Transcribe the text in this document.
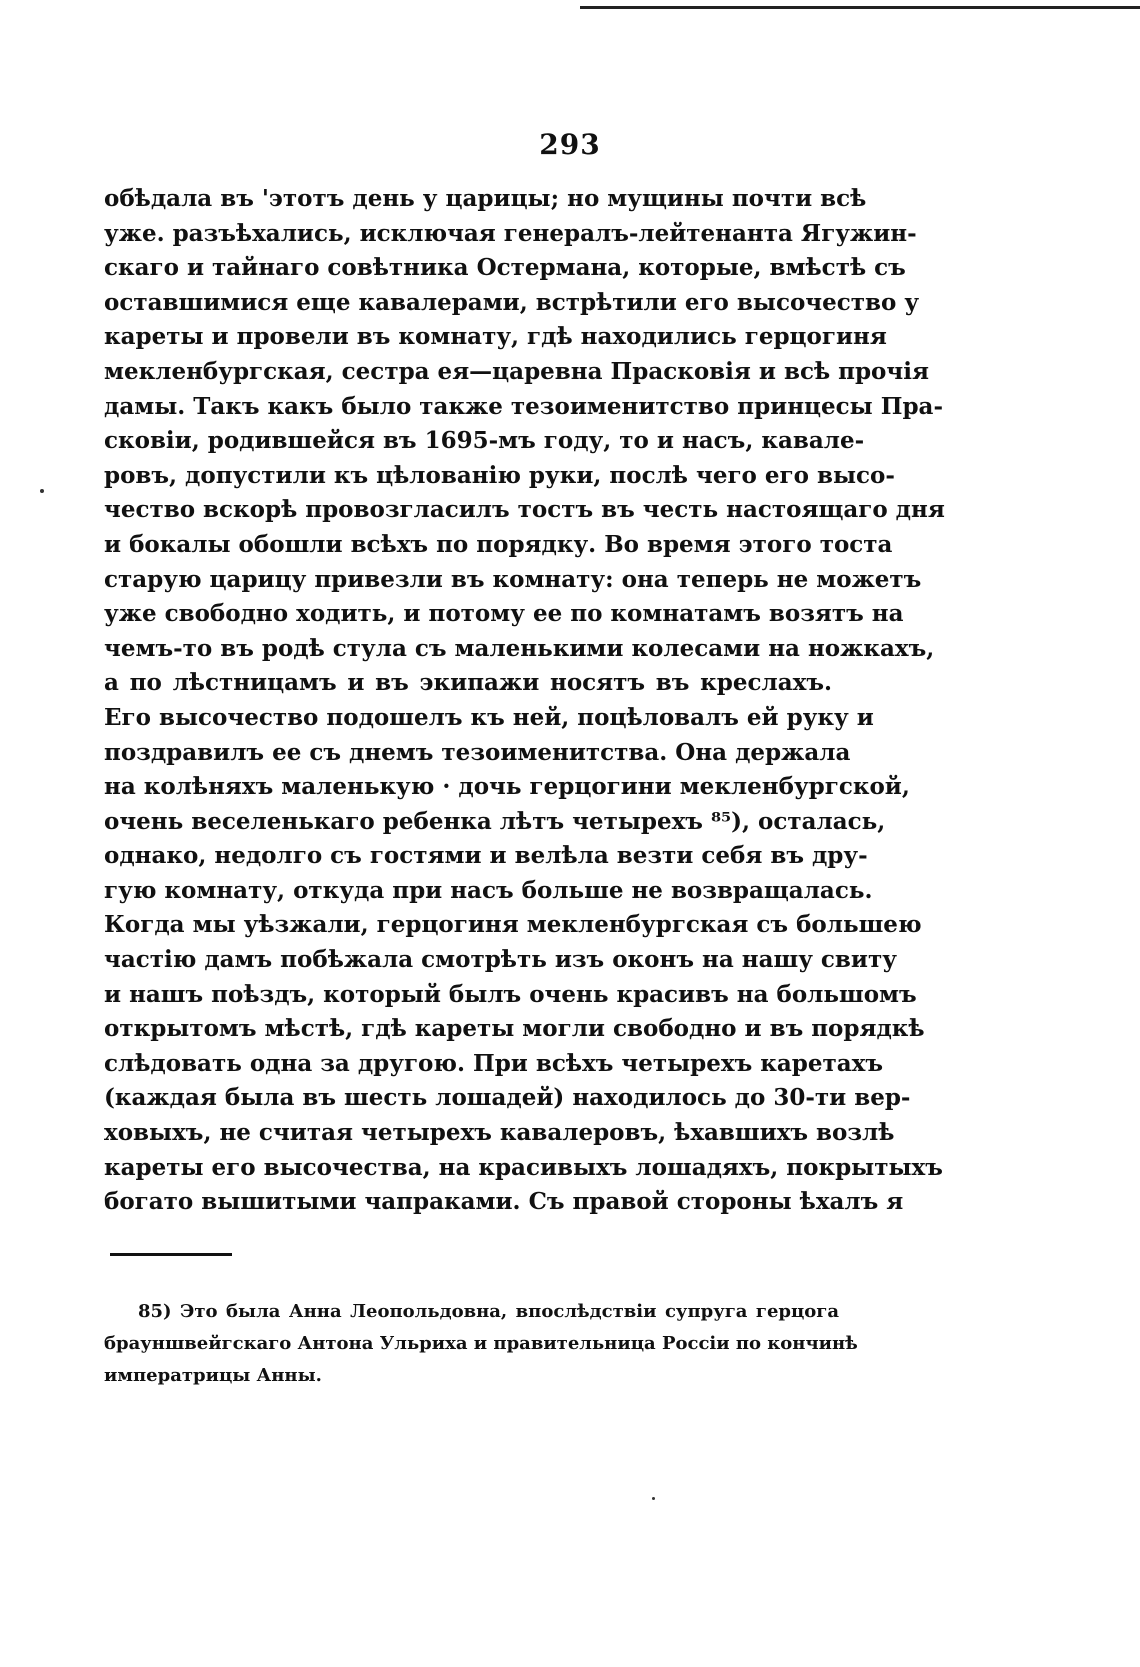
293
обѣдала въ 'этотъ день у царицы; но мущины почти всѣ
уже. разъѣхались, исключая генералъ-лейтенанта Ягужин-
скаго и тайнаго совѣтника Остермана, которые, вмѣстѣ съ
оставшимися еще кавалерами, встрѣтили его высочество у
кареты и провели въ комнату, гдѣ находились герцогиня
мекленбургская, сестра ея—царевна Прасковія и всѣ прочія
дамы. Такъ какъ было также тезоименитство принцесы Пра-
сковіи, родившейся въ 1695-мъ году, то и насъ, кавале-
ровъ, допустили къ цѣлованію руки, послѣ чего его высо-
чество вскорѣ провозгласилъ тостъ въ честь настоящаго дня
и бокалы обошли всѣхъ по порядку. Во время этого тоста
старую царицу привезли въ комнату: она теперь не можетъ
уже свободно ходить, и потому ее по комнатамъ возятъ на
чемъ-то въ родѣ стула съ маленькими колесами на ножкахъ,
а по лѣстницамъ и въ экипажи носятъ въ креслахъ.
Его высочество подошелъ къ ней, поцѣловалъ ей руку и
поздравилъ ее съ днемъ тезоименитства. Она держала
на колѣняхъ маленькую · дочь герцогини мекленбургской,
очень веселенькаго ребенка лѣтъ четырехъ ⁸⁵), осталась,
однако, недолго съ гостями и велѣла везти себя въ дру-
гую комнату, откуда при насъ больше не возвращалась.
Когда мы уѣзжали, герцогиня мекленбургская съ большею
частію дамъ побѣжала смотрѣть изъ оконъ на нашу свиту
и нашъ поѣздъ, который былъ очень красивъ на большомъ
открытомъ мѣстѣ, гдѣ кареты могли свободно и въ порядкѣ
слѣдовать одна за другою. При всѣхъ четырехъ каретахъ
(каждая была въ шесть лошадей) находилось до 30-ти вер-
ховыхъ, не считая четырехъ кавалеровъ, ѣхавшихъ возлѣ
кареты его высочества, на красивыхъ лошадяхъ, покрытыхъ
богато вышитыми чапраками. Съ правой стороны ѣхалъ я
85) Это была Анна Леопольдовна, впослѣдствіи супруга герцога
брауншвейгскаго Антона Ульриха и правительница Россіи по кончинѣ
императрицы Анны.
